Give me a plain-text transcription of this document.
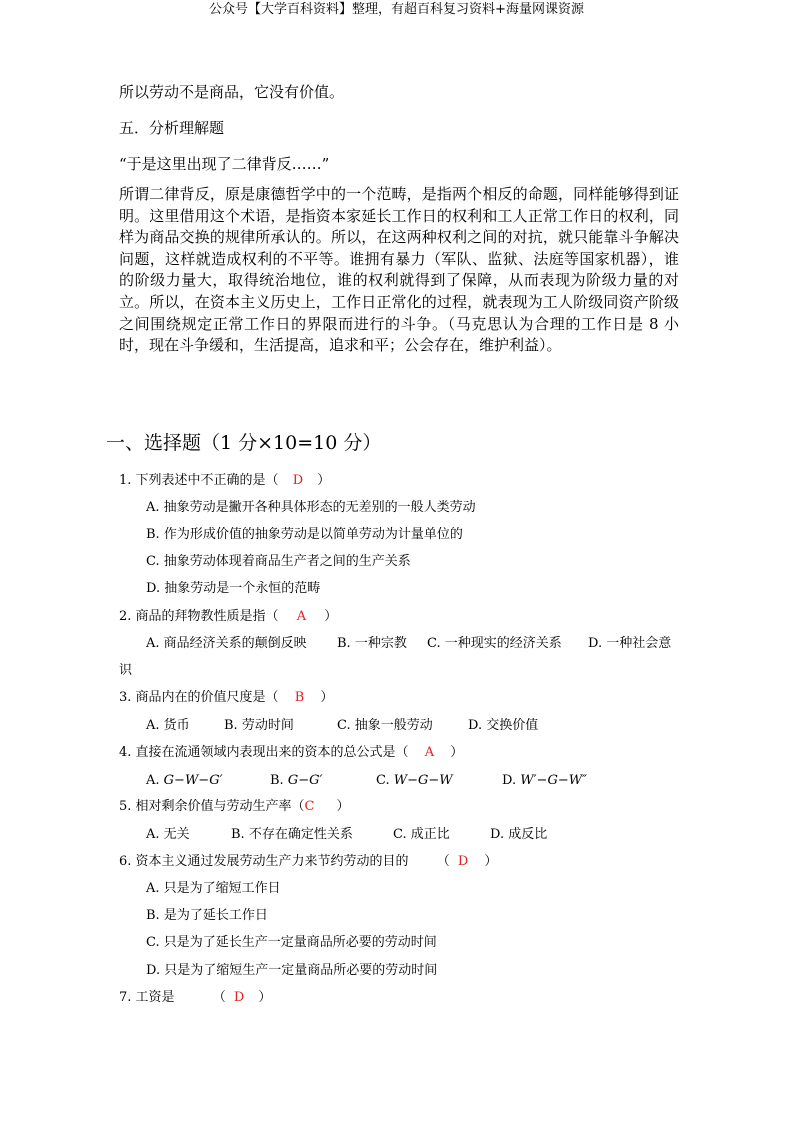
公众号【大学百科资料】整理，有超百科复习资料+海量网课资源
所以劳动不是商品，它没有价值。
五．分析理解题
“于是这里出现了二律背反……”
所谓二律背反，原是康德哲学中的一个范畴，是指两个相反的命题，同样能够得到证明。这里借用这个术语，是指资本家延长工作日的权利和工人正常工作日的权利，同样为商品交换的规律所承认的。所以，在这两种权利之间的对抗，就只能靠斗争解决问题，这样就造成权利的不平等。谁拥有暴力（军队、监狱、法庭等国家机器），谁的阶级力量大，取得统治地位，谁的权利就得到了保障，从而表现为阶级力量的对立。所以，在资本主义历史上，工作日正常化的过程，就表现为工人阶级同资产阶级之间围绕规定正常工作日的界限而进行的斗争。（马克思认为合理的工作日是 8 小时，现在斗争缓和，生活提高，追求和平；公会存在，维护利益）。
一、选择题（1 分×10=10 分）
1. 下列表述中不正确的是（ D ）
A. 抽象劳动是撇开各种具体形态的无差别的一般人类劳动
B. 作为形成价值的抽象劳动是以简单劳动为计量单位的
C. 抽象劳动体现着商品生产者之间的生产关系
D. 抽象劳动是一个永恒的范畴
2. 商品的拜物教性质是指（ A ）
A. 商品经济关系的颠倒反映 B. 一种宗教 C. 一种现实的经济关系 D. 一种社会意
识
3. 商品内在的价值尺度是（ B ）
A. 货币	B. 劳动时间	C. 抽象一般劳动	D. 交换价值
4. 直接在流通领域内表现出来的资本的总公式是（ A ）
A. G−W−G′	B. G−G′	C. W−G−W	D. W′−G−W″
5. 相对剩余价值与劳动生产率（C ）
A. 无关	B. 不存在确定性关系	C. 成正比	D. 成反比
6. 资本主义通过发展劳动生产力来节约劳动的目的 （ D ）
A. 只是为了缩短工作日
B. 是为了延长工作日
C. 只是为了延长生产一定量商品所必要的劳动时间
D. 只是为了缩短生产一定量商品所必要的劳动时间
7. 工资是	（ D ）
